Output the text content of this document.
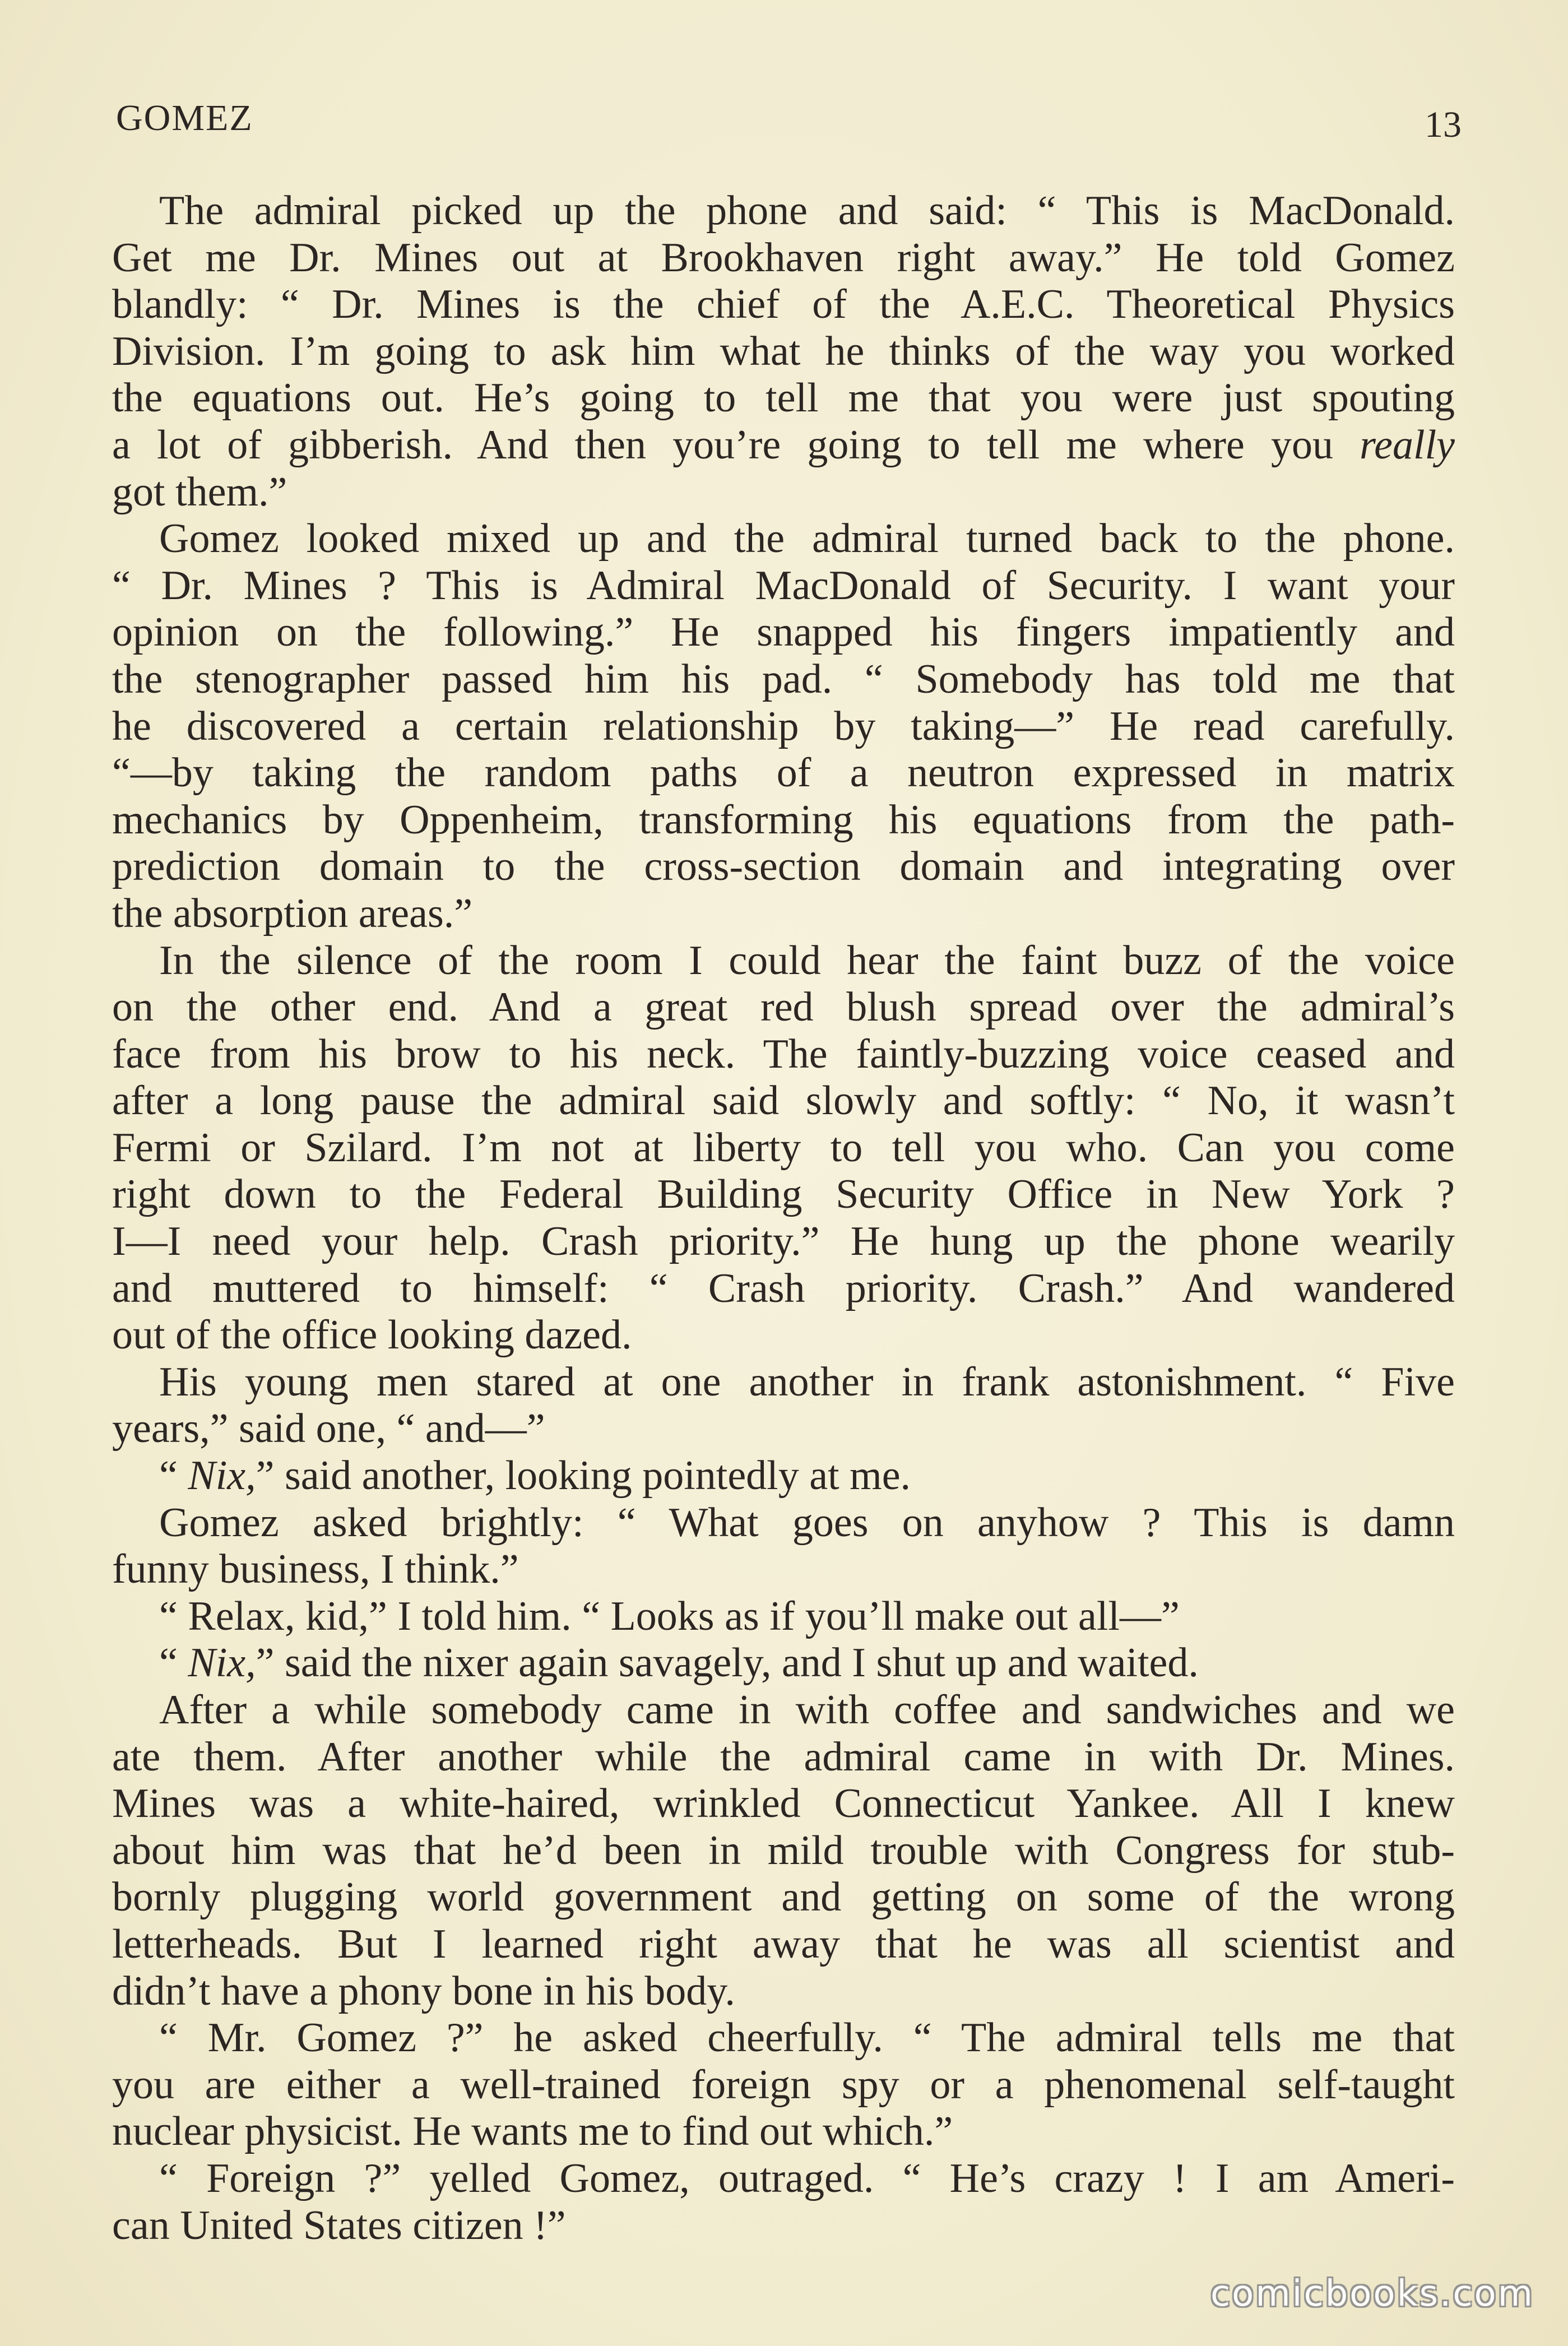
GOMEZ	13

The admiral picked up the phone and said: “ This is MacDonald.
Get me Dr. Mines out at Brookhaven right away.” He told Gomez
blandly: “ Dr. Mines is the chief of the A.E.C. Theoretical Physics
Division. I’m going to ask him what he thinks of the way you worked
the equations out. He’s going to tell me that you were just spouting
a lot of gibberish. And then you’re going to tell me where you really
got them.”

Gomez looked mixed up and the admiral turned back to the phone.
“ Dr. Mines ? This is Admiral MacDonald of Security. I want your
opinion on the following.” He snapped his fingers impatiently and
the stenographer passed him his pad. “ Somebody has told me that
he discovered a certain relationship by taking—” He read carefully.
“—by taking the random paths of a neutron expressed in matrix
mechanics by Oppenheim, transforming his equations from the path-
prediction domain to the cross-section domain and integrating over
the absorption areas.”

In the silence of the room I could hear the faint buzz of the voice
on the other end. And a great red blush spread over the admiral’s
face from his brow to his neck. The faintly-buzzing voice ceased and
after a long pause the admiral said slowly and softly: “ No, it wasn’t
Fermi or Szilard. I’m not at liberty to tell you who. Can you come
right down to the Federal Building Security Office in New York ?
I—I need your help. Crash priority.” He hung up the phone wearily
and muttered to himself: “ Crash priority. Crash.” And wandered
out of the office looking dazed.

His young men stared at one another in frank astonishment. “ Five
years,” said one, “ and—”

“ Nix,” said another, looking pointedly at me.

Gomez asked brightly: “ What goes on anyhow ? This is damn
funny business, I think.”

“ Relax, kid,” I told him. “ Looks as if you’ll make out all—”

“ Nix,” said the nixer again savagely, and I shut up and waited.

After a while somebody came in with coffee and sandwiches and we
ate them. After another while the admiral came in with Dr. Mines.
Mines was a white-haired, wrinkled Connecticut Yankee. All I knew
about him was that he’d been in mild trouble with Congress for stub-
bornly plugging world government and getting on some of the wrong
letterheads. But I learned right away that he was all scientist and
didn’t have a phony bone in his body.

“ Mr. Gomez ?” he asked cheerfully. “ The admiral tells me that
you are either a well-trained foreign spy or a phenomenal self-taught
nuclear physicist. He wants me to find out which.”

“ Foreign ?” yelled Gomez, outraged. “ He’s crazy ! I am Ameri-
can United States citizen !”

comicbooks.com
